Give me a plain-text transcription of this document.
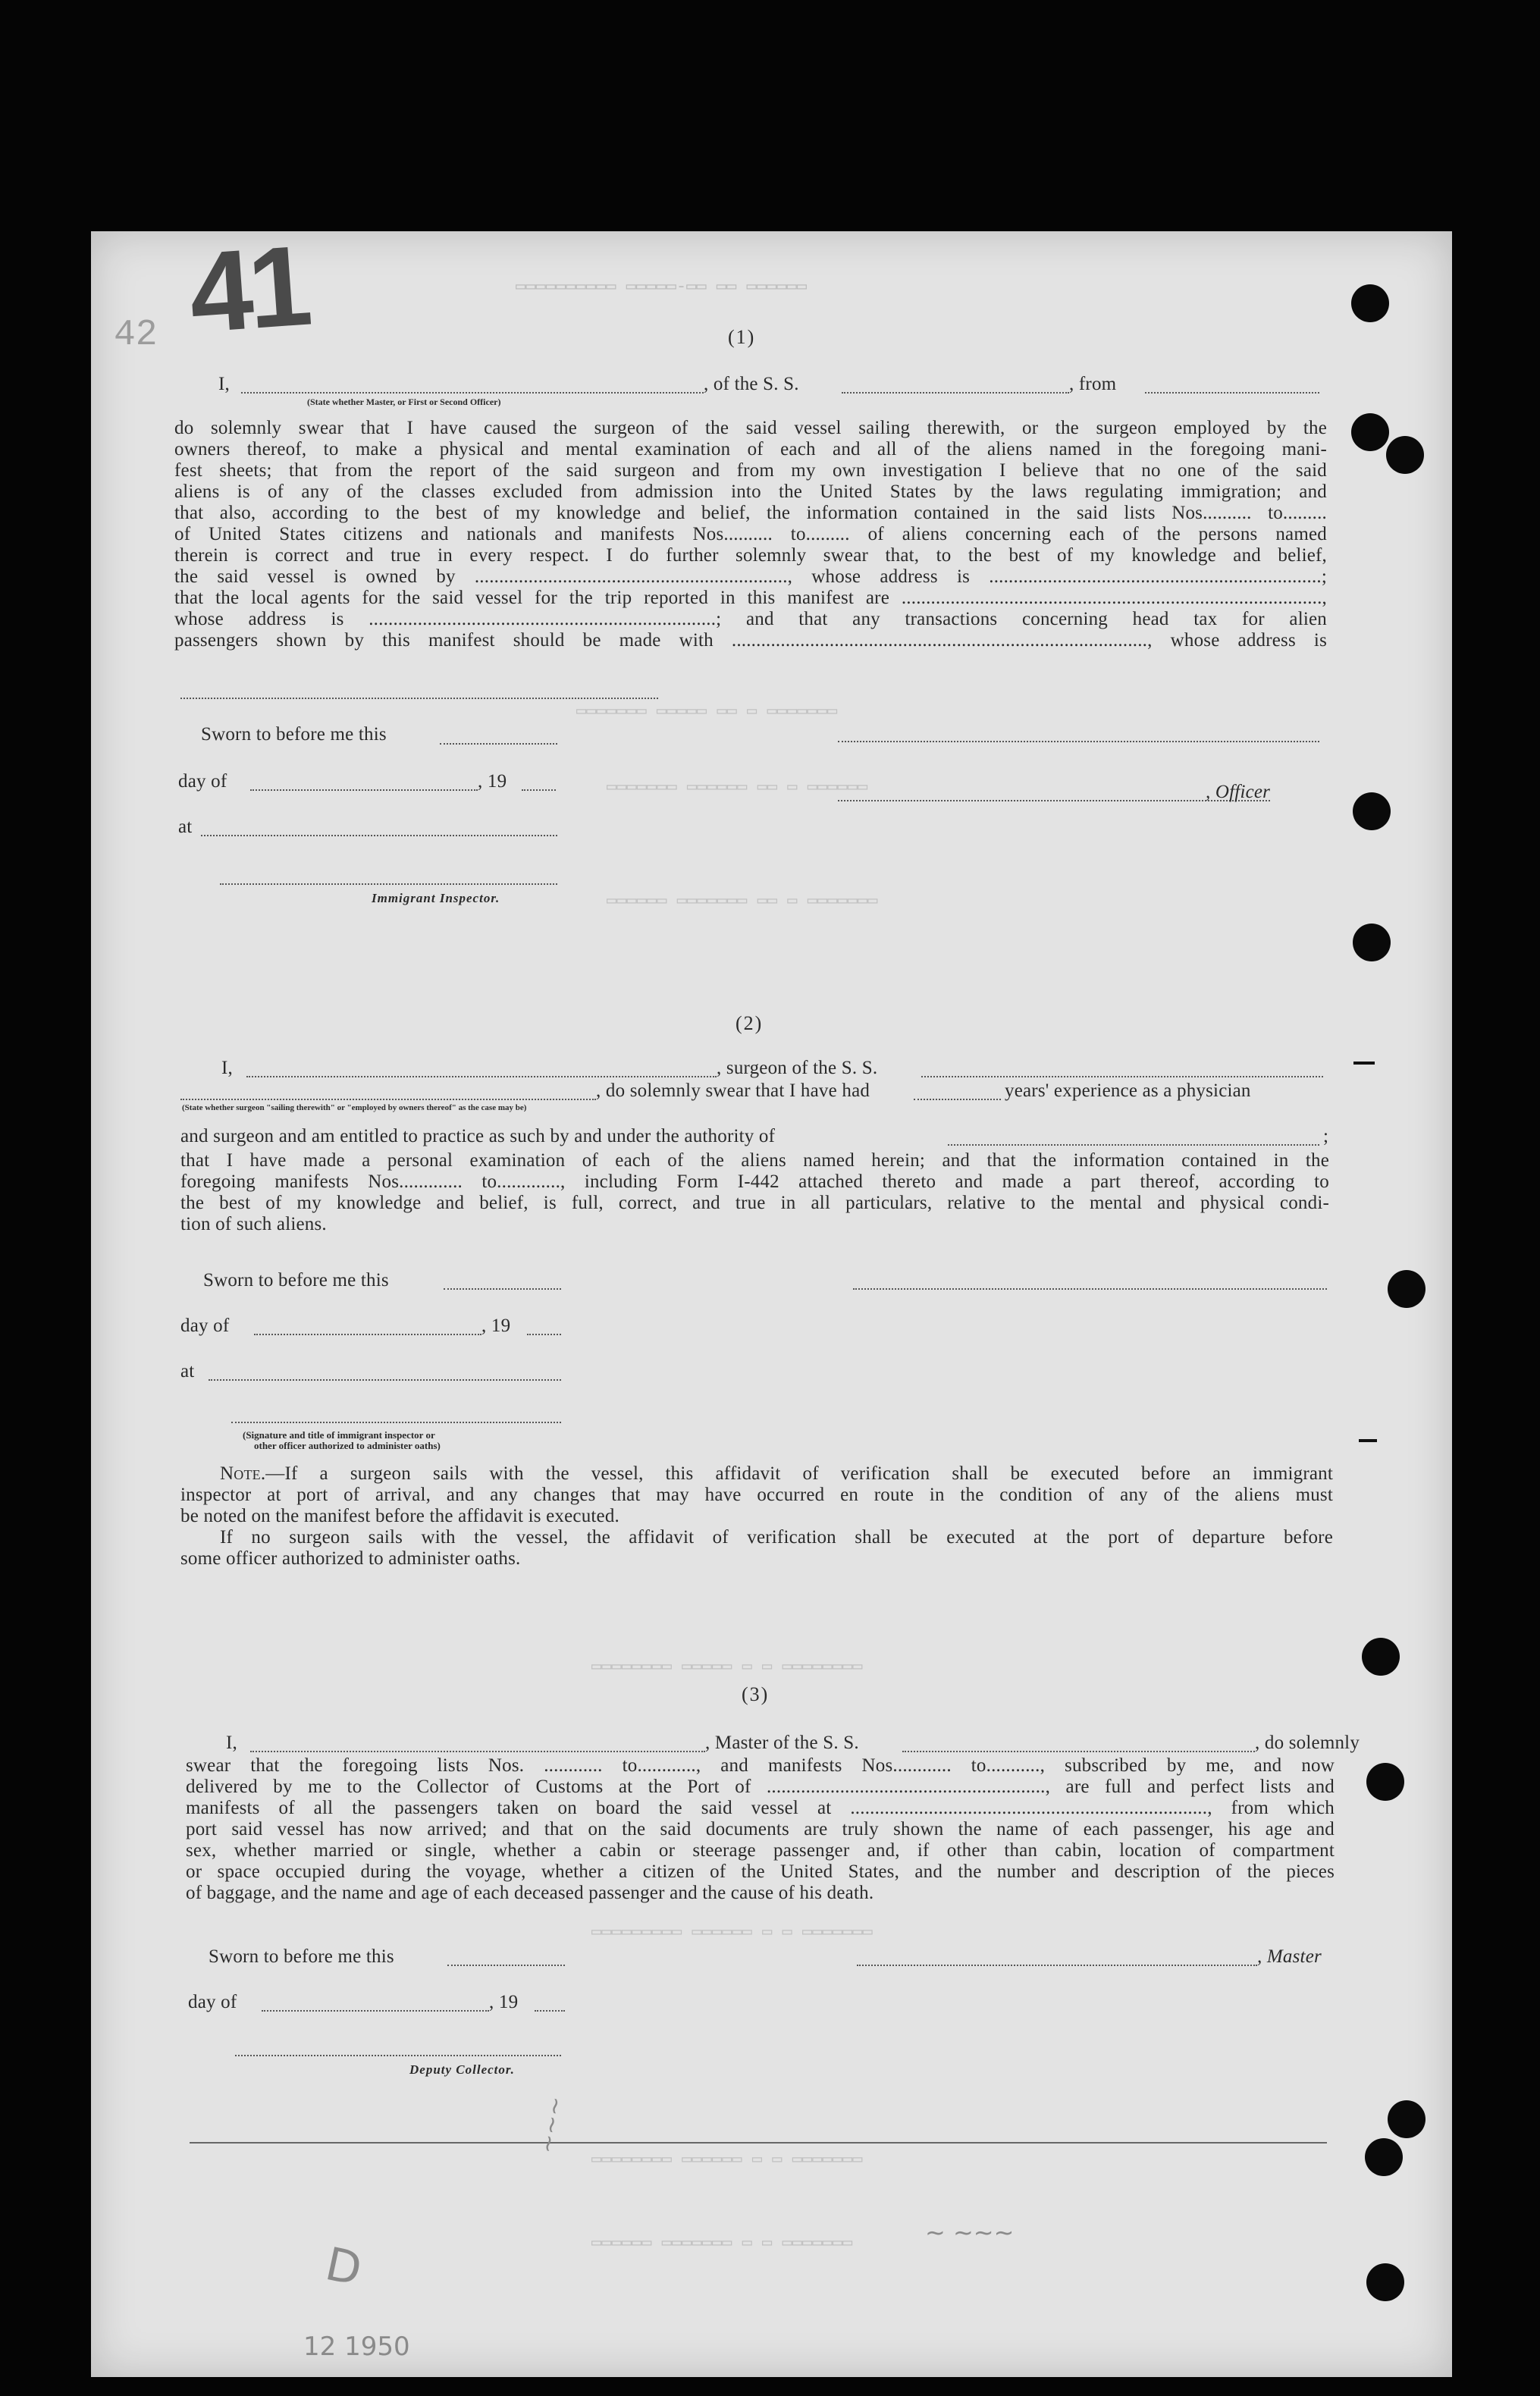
42
▭▭▭▭▭▭ ▭▭ ▭▭-▭▭▭▭▭ ▭▭▭▭▭▭▭▭▭▭
▭▭▭▭▭▭▭ ▭▭▭▭▭ ▭▭ ▭ ▭▭▭▭▭▭▭
▭▭▭▭▭▭▭ ▭▭▭▭▭▭ ▭▭ ▭ ▭▭▭▭▭▭
▭▭▭▭▭▭ ▭▭▭▭▭▭▭ ▭▭ ▭ ▭▭▭▭▭▭▭
▭▭▭▭▭▭▭▭ ▭▭▭▭▭ ▭ ▭ ▭▭▭▭▭▭▭▭
▭▭▭▭▭▭▭▭▭ ▭▭▭▭▭▭ ▭ ▭ ▭▭▭▭▭▭▭
▭▭▭▭▭▭▭▭ ▭▭▭▭▭▭ ▭ ▭ ▭▭▭▭▭▭▭
▭▭▭▭▭▭ ▭▭▭▭▭▭▭ ▭ ▭ ▭▭▭▭▭▭▭
41	(1)
I,	, of the S. S.	, from
(State whether Master, or First or Second Officer)
do solemnly swear that I have caused the surgeon of the said vessel sailing therewith, or the surgeon employed by the
owners thereof, to make a physical and mental examination of each and all of the aliens named in the foregoing mani-
fest sheets; that from the report of the said surgeon and from my own investigation I believe that no one of the said
aliens is of any of the classes excluded from admission into the United States by the laws regulating immigration; and
that also, according to the best of my knowledge and belief, the information contained in the said lists Nos.......... to.........
of United States citizens and nationals and manifests Nos.......... to......... of aliens concerning each of the persons named
therein is correct and true in every respect. I do further solemnly swear that, to the best of my knowledge and belief,
the said vessel is owned by ................................................................, whose address is ....................................................................;
that the local agents for the said vessel for the trip reported in this manifest are ......................................................................................,
whose address is .......................................................................; and that any transactions concerning head tax for alien
passengers shown by this manifest should be made with ....................................................................................., whose address is
Sworn to before me this
day of	, 19
, Officer
at
Immigrant Inspector.
(2)
I,	, surgeon of the S. S.
, do solemnly swear that I have had	years' experience as a physician
(State whether surgeon "sailing therewith" or "employed by owners thereof" as the case may be)
and surgeon and am entitled to practice as such by and under the authority of	;
that I have made a personal examination of each of the aliens named herein; and that the information contained in the
foregoing manifests Nos............. to............., including Form I-442 attached thereto and made a part thereof, according to
the best of my knowledge and belief, is full, correct, and true in all particulars, relative to the mental and physical condi-
tion of such aliens.
Sworn to before me this
day of	, 19
at
(Signature and title of immigrant inspector or
other officer authorized to administer oaths)
Note.—If a surgeon sails with the vessel, this affidavit of verification shall be executed before an immigrant
inspector at port of arrival, and any changes that may have occurred en route in the condition of any of the aliens must
be noted on the manifest before the affidavit is executed.
If no surgeon sails with the vessel, the affidavit of verification shall be executed at the port of departure before
some officer authorized to administer oaths.
(3)
I,	, Master of the S. S.	, do solemnly
swear that the foregoing lists Nos. ............ to............, and manifests Nos............ to..........., subscribed by me, and now
delivered by me to the Collector of Customs at the Port of ........................................................., are full and perfect lists and
manifests of all the passengers taken on board the said vessel at ........................................................................., from which
port said vessel has now arrived; and that on the said documents are truly shown the name of each passenger, his age and
sex, whether married or single, whether a cabin or steerage passenger and, if other than cabin, location of compartment
or space occupied during the voyage, whether a citizen of the United States, and the number and description of the pieces
of baggage, and the name and age of each deceased passenger and the cause of his death.
Sworn to before me this	, Master
day of	, 19
Deputy Collector.
D
~ ~~~
12 1950
~~~
